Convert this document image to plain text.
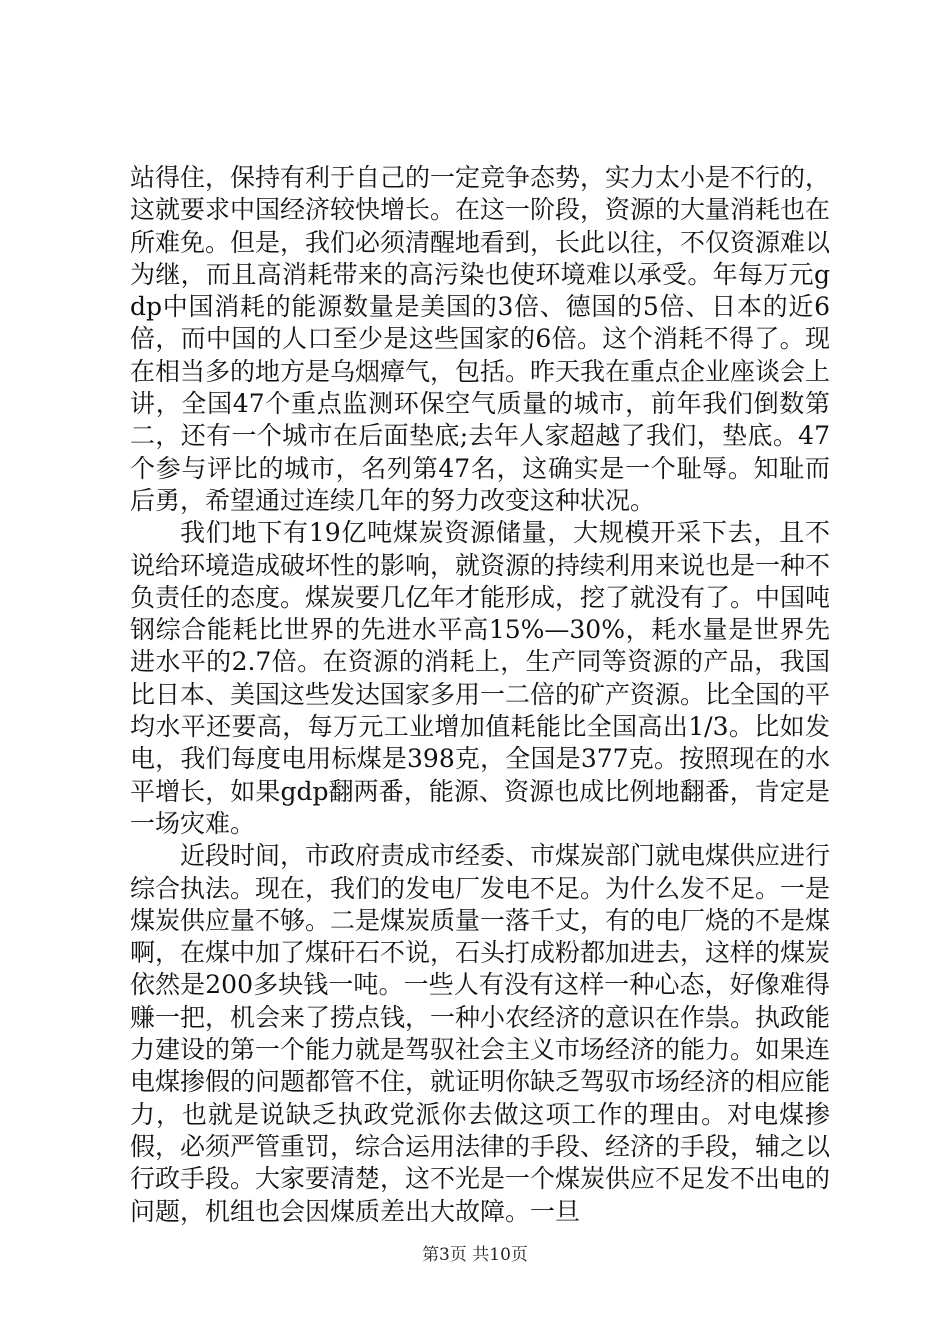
站得住，保持有利于自己的一定竞争态势，实力太小是不行的，这就要求中国经济较快增长。在这一阶段，资源的大量消耗也在所难免。但是，我们必须清醒地看到，长此以往，不仅资源难以为继，而且高消耗带来的高污染也使环境难以承受。年每万元gdp中国消耗的能源数量是美国的3倍、德国的5倍、日本的近6倍，而中国的人口至少是这些国家的6倍。这个消耗不得了。现在相当多的地方是乌烟瘴气，包括。昨天我在重点企业座谈会上讲，全国47个重点监测环保空气质量的城市，前年我们倒数第二，还有一个城市在后面垫底;去年人家超越了我们，垫底。47个参与评比的城市，名列第47名，这确实是一个耻辱。知耻而后勇，希望通过连续几年的努力改变这种状况。

我们地下有19亿吨煤炭资源储量，大规模开采下去，且不说给环境造成破坏性的影响，就资源的持续利用来说也是一种不负责任的态度。煤炭要几亿年才能形成，挖了就没有了。中国吨钢综合能耗比世界的先进水平高15%—30%，耗水量是世界先进水平的2.7倍。在资源的消耗上，生产同等资源的产品，我国比日本、美国这些发达国家多用一二倍的矿产资源。比全国的平均水平还要高，每万元工业增加值耗能比全国高出1/3。比如发电，我们每度电用标煤是398克，全国是377克。按照现在的水平增长，如果gdp翻两番，能源、资源也成比例地翻番，肯定是一场灾难。

近段时间，市政府责成市经委、市煤炭部门就电煤供应进行综合执法。现在，我们的发电厂发电不足。为什么发不足。一是煤炭供应量不够。二是煤炭质量一落千丈，有的电厂烧的不是煤啊，在煤中加了煤矸石不说，石头打成粉都加进去，这样的煤炭依然是200多块钱一吨。一些人有没有这样一种心态，好像难得赚一把，机会来了捞点钱，一种小农经济的意识在作祟。执政能力建设的第一个能力就是驾驭社会主义市场经济的能力。如果连电煤掺假的问题都管不住，就证明你缺乏驾驭市场经济的相应能力，也就是说缺乏执政党派你去做这项工作的理由。对电煤掺假，必须严管重罚，综合运用法律的手段、经济的手段，辅之以行政手段。大家要清楚，这不光是一个煤炭供应不足发不出电的问题，机组也会因煤质差出大故障。一旦

第3页 共10页
